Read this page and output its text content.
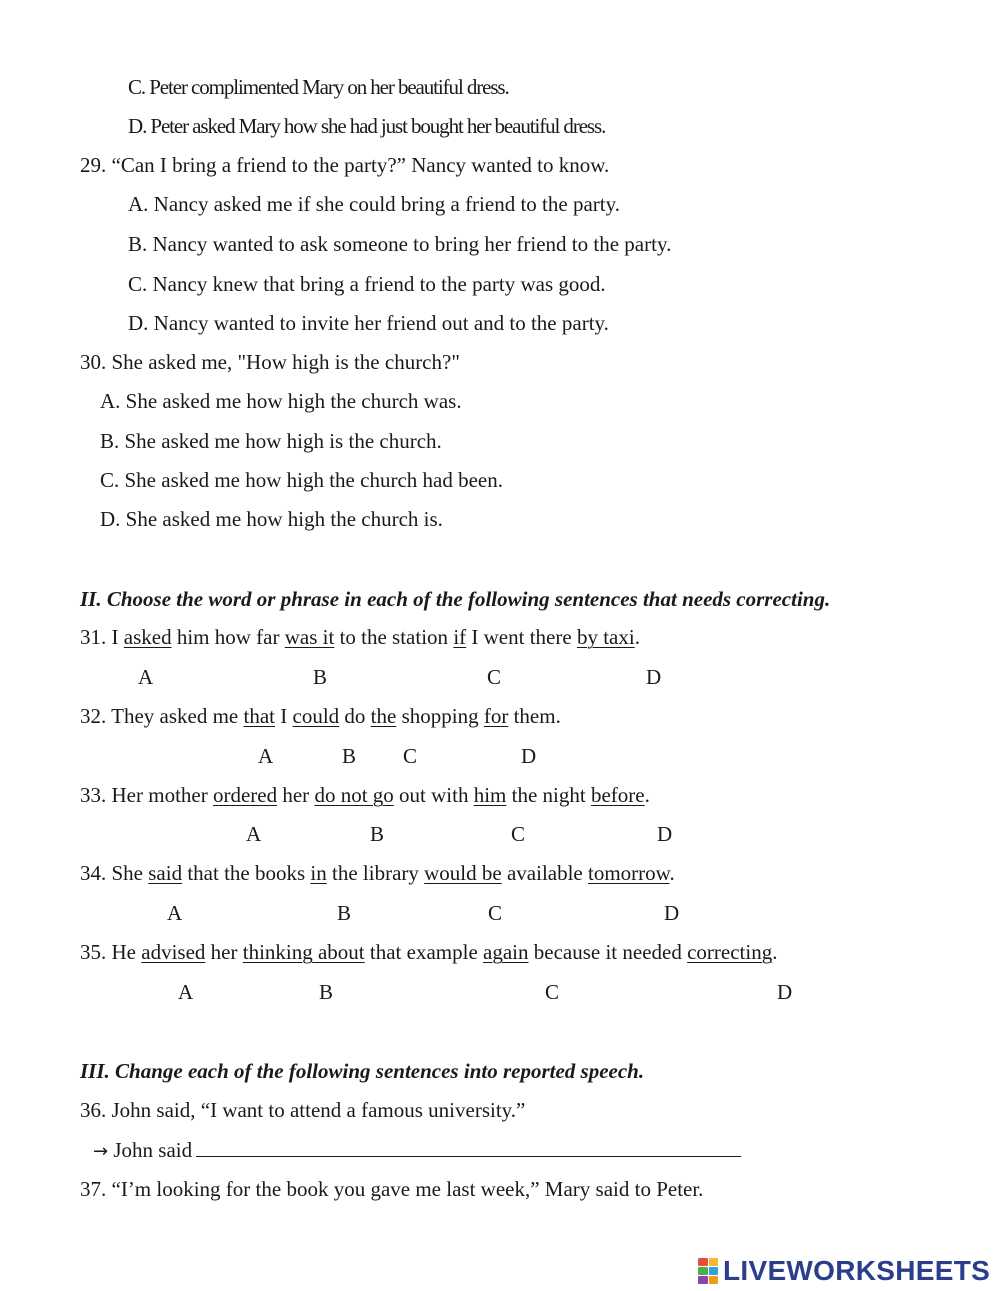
C. Peter complimented Mary on her beautiful dress.
D. Peter asked Mary how she had just bought her beautiful dress.
29. “Can I bring a friend to the party?” Nancy wanted to know.
A. Nancy asked me if she could bring a friend to the party.
B. Nancy wanted to ask someone to bring her friend to the party.
C. Nancy knew that bring a friend to the party was good.
D. Nancy wanted to invite her friend out and to the party.
30. She asked me, "How high is the church?"
A. She asked me how high the church was.
B. She asked me how high is the church.
C. She asked me how high the church had been.
D. She asked me how high the church is.
II. Choose the word or phrase in each of the following sentences that needs correcting.
31. I asked him how far was it to the station if I went there by taxi.
A	B	C	D
32. They asked me that I could do the shopping for them.
A	B C	D
33. Her mother ordered her do not go out with him the night before.
A	B	C	D
34. She said that the books in the library would be available tomorrow.
A	B	C	D
35. He advised her thinking about that example again because it needed correcting.
A	B	C	D
III. Change each of the following sentences into reported speech.
36. John said, “I want to attend a famous university.”
→ John said
37. “I’m looking for the book you gave me last week,” Mary said to Peter.
LIVEWORKSHEETS
